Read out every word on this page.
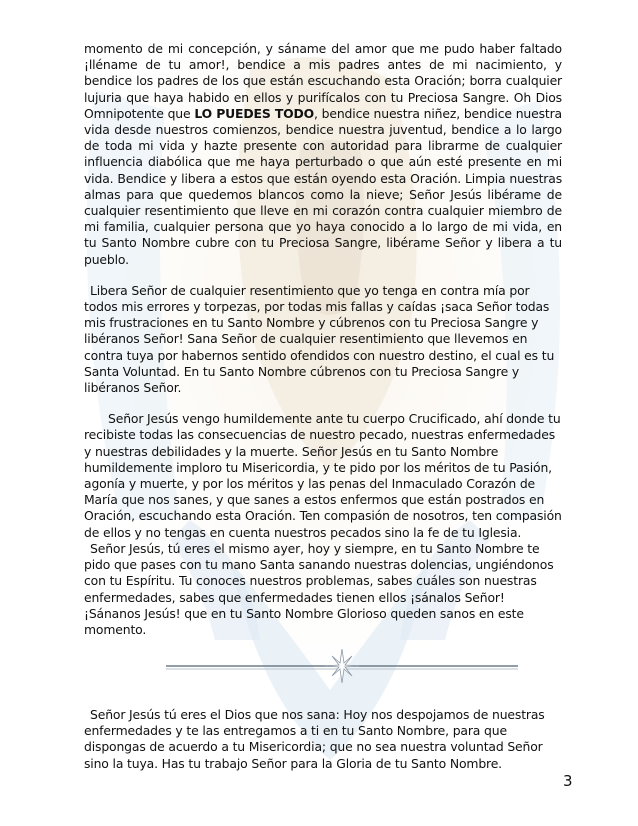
momento de mi concepción, y sáname del amor que me pudo haber faltado ¡lléname de tu amor!, bendice a mis padres antes de mi nacimiento, y bendice los padres de los que están escuchando esta Oración; borra cualquier lujuria que haya habido en ellos y purifícalos con tu Preciosa Sangre. Oh Dios Omnipotente que LO PUEDES TODO, bendice nuestra niñez, bendice nuestra vida desde nuestros comienzos, bendice nuestra juventud, bendice a lo largo de toda mi vida y hazte presente con autoridad para librarme de cualquier influencia diabólica que me haya perturbado o que aún esté presente en mi vida. Bendice y libera a estos que están oyendo esta Oración. Limpia nuestras almas para que quedemos blancos como la nieve; Señor Jesús libérame de cualquier resentimiento que lleve en mi corazón contra cualquier miembro de mi familia, cualquier persona que yo haya conocido a lo largo de mi vida, en tu Santo Nombre cubre con tu Preciosa Sangre, libérame Señor y libera a tu pueblo.

Libera Señor de cualquier resentimiento que yo tenga en contra mía por todos mis errores y torpezas, por todas mis fallas y caídas ¡saca Señor todas mis frustraciones en tu Santo Nombre y cúbrenos con tu Preciosa Sangre y libéranos Señor! Sana Señor de cualquier resentimiento que llevemos en contra tuya por habernos sentido ofendidos con nuestro destino, el cual es tu Santa Voluntad. En tu Santo Nombre cúbrenos con tu Preciosa Sangre y libéranos Señor.

Señor Jesús vengo humildemente ante tu cuerpo Crucificado, ahí donde tu recibiste todas las consecuencias de nuestro pecado, nuestras enfermedades y nuestras debilidades y la muerte. Señor Jesús en tu Santo Nombre humildemente imploro tu Misericordia, y te pido por los méritos de tu Pasión, agonía y muerte, y por los méritos y las penas del Inmaculado Corazón de María que nos sanes, y que sanes a estos enfermos que están postrados en Oración, escuchando esta Oración. Ten compasión de nosotros, ten compasión de ellos y no tengas en cuenta nuestros pecados sino la fe de tu Iglesia.

Señor Jesús, tú eres el mismo ayer, hoy y siempre, en tu Santo Nombre te pido que pases con tu mano Santa sanando nuestras dolencias, ungiéndonos con tu Espíritu. Tu conoces nuestros problemas, sabes cuáles son nuestras enfermedades, sabes que enfermedades tienen ellos ¡sánalos Señor! ¡Sánanos Jesús! que en tu Santo Nombre Glorioso queden sanos en este momento.

Señor Jesús tú eres el Dios que nos sana: Hoy nos despojamos de nuestras enfermedades y te las entregamos a ti en tu Santo Nombre, para que dispongas de acuerdo a tu Misericordia; que no sea nuestra voluntad Señor sino la tuya. Has tu trabajo Señor para la Gloria de tu Santo Nombre.

3
